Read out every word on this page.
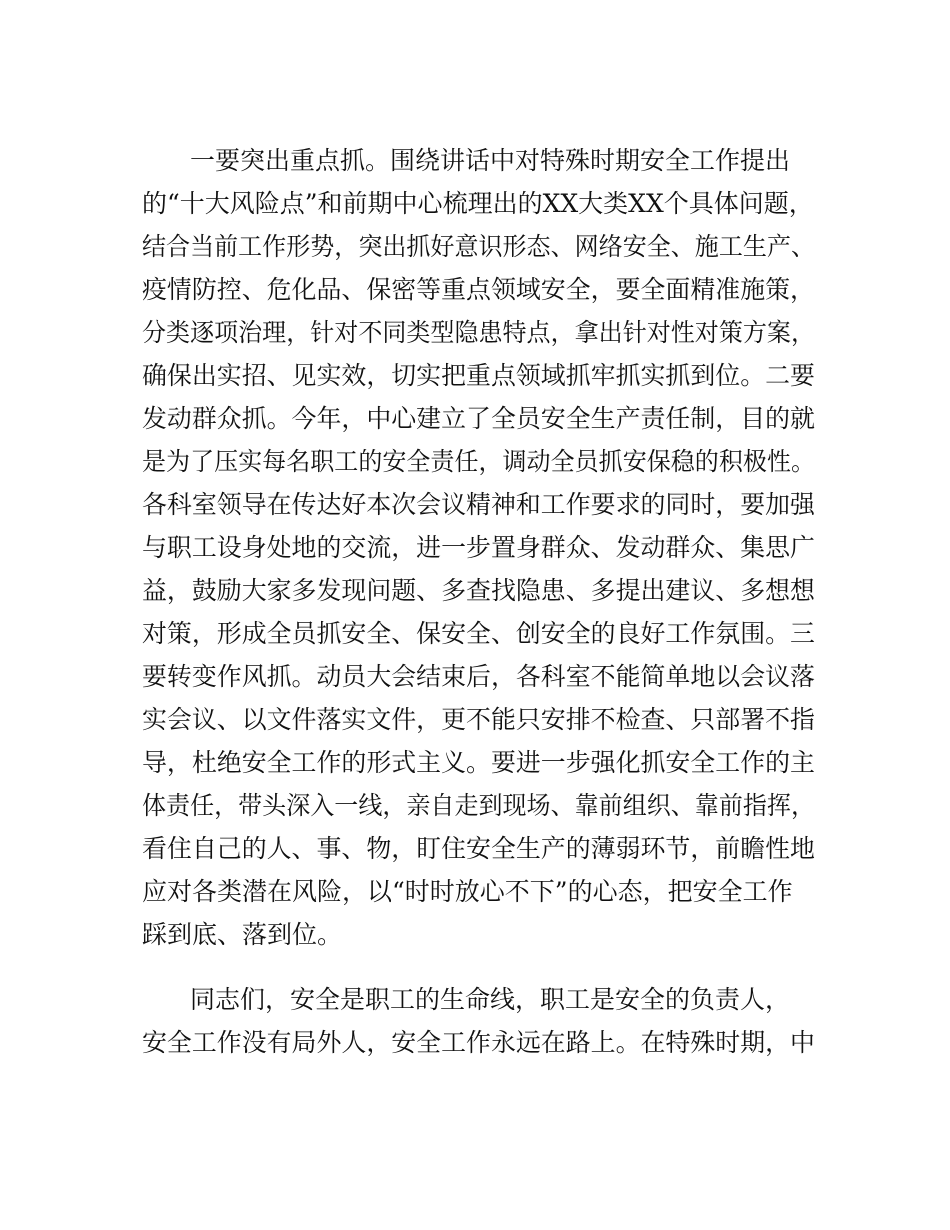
一要突出重点抓。围绕讲话中对特殊时期安全工作提出
的“十大风险点”和前期中心梳理出的XX大类XX个具体问题，
结合当前工作形势，突出抓好意识形态、网络安全、施工生产、
疫情防控、危化品、保密等重点领域安全，要全面精准施策，
分类逐项治理，针对不同类型隐患特点，拿出针对性对策方案，
确保出实招、见实效，切实把重点领域抓牢抓实抓到位。二要
发动群众抓。今年，中心建立了全员安全生产责任制，目的就
是为了压实每名职工的安全责任，调动全员抓安保稳的积极性。
各科室领导在传达好本次会议精神和工作要求的同时，要加强
与职工设身处地的交流，进一步置身群众、发动群众、集思广
益，鼓励大家多发现问题、多查找隐患、多提出建议、多想想
对策，形成全员抓安全、保安全、创安全的良好工作氛围。三
要转变作风抓。动员大会结束后，各科室不能简单地以会议落
实会议、以文件落实文件，更不能只安排不检查、只部署不指
导，杜绝安全工作的形式主义。要进一步强化抓安全工作的主
体责任，带头深入一线，亲自走到现场、靠前组织、靠前指挥，
看住自己的人、事、物，盯住安全生产的薄弱环节，前瞻性地
应对各类潜在风险，以“时时放心不下”的心态，把安全工作
踩到底、落到位。
同志们，安全是职工的生命线，职工是安全的负责人，
安全工作没有局外人，安全工作永远在路上。在特殊时期，中
